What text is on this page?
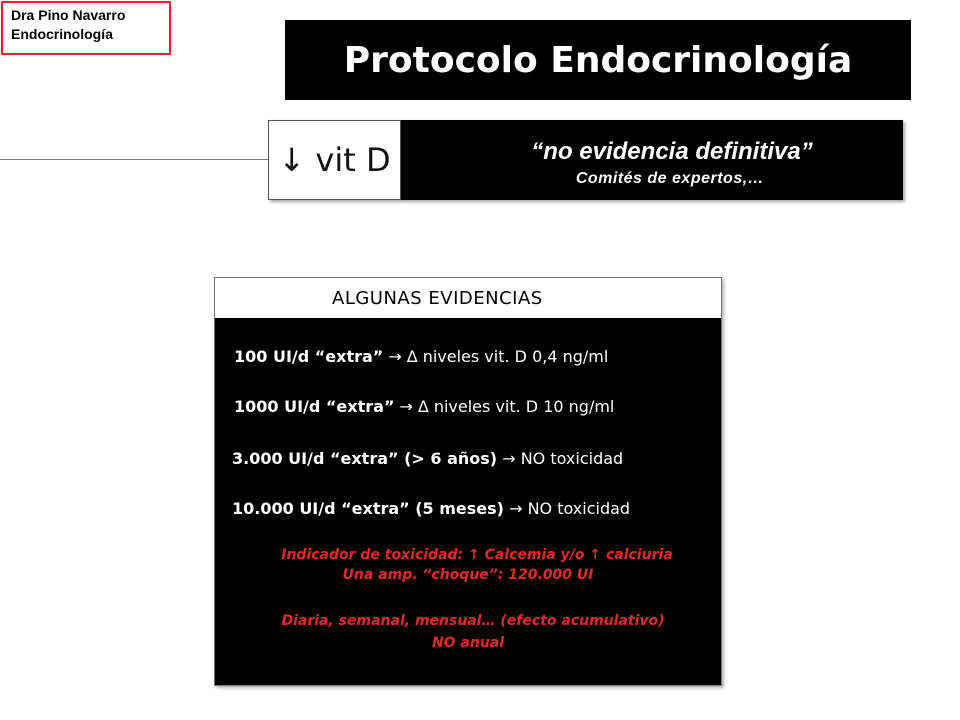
Dra Pino Navarro
Endocrinología
Protocolo Endocrinología
↓ vit D	“no evidencia definitiva”
Comités de expertos,…
ALGUNAS EVIDENCIAS
100 UI/d “extra” → ∆ niveles vit. D 0,4 ng/ml
1000 UI/d “extra” → ∆ niveles vit. D 10 ng/ml
3.000 UI/d “extra” (> 6 años) → NO toxicidad
10.000 UI/d “extra” (5 meses) → NO toxicidad
Indicador de toxicidad: ↑ Calcemia y/o ↑ calciuria
Una amp. “choque”: 120.000 UI
Diaria, semanal, mensual… (efecto acumulativo)
NO anual
